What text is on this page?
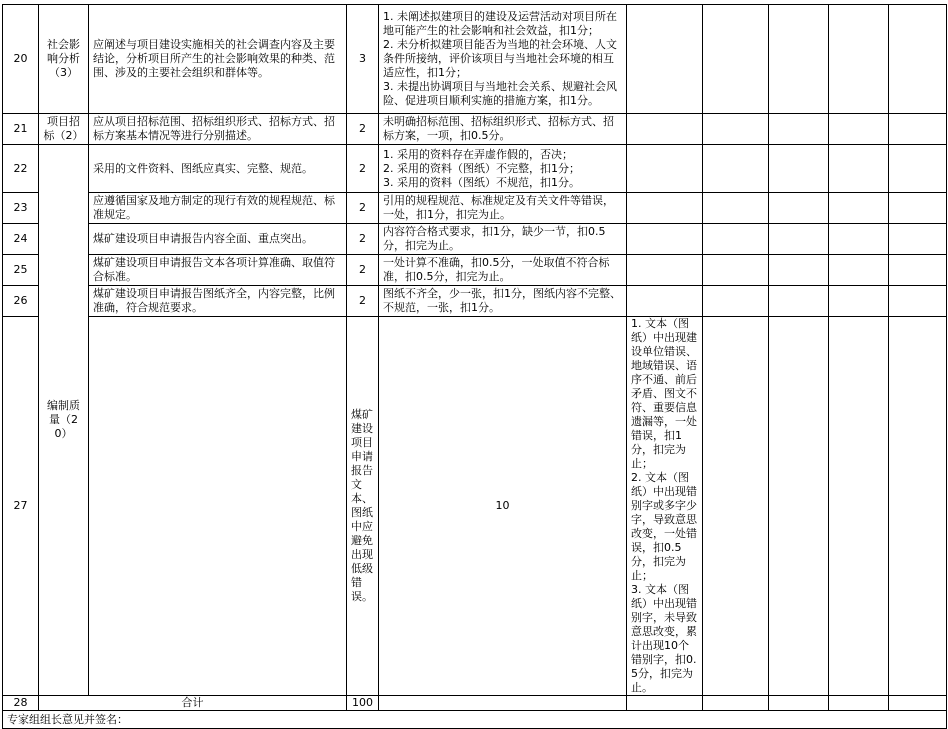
20	社会影响分析（3）	应阐述与项目建设实施相关的社会调查内容及主要结论，分析项目所产生的社会影响效果的种类、范围、涉及的主要社会组织和群体等。	3	1. 未阐述拟建项目的建设及运营活动对项目所在地可能产生的社会影响和社会效益，扣1分；
2. 未分析拟建项目能否为当地的社会环境、人文条件所接纳，评价该项目与当地社会环境的相互适应性，扣1分；
3. 未提出协调项目与当地社会关系、规避社会风险、促进项目顺利实施的措施方案，扣1分。						

21	项目招标（2）	应从项目招标范围、招标组织形式、招标方式、招标方案基本情况等进行分别描述。	2	未明确招标范围、招标组织形式、招标方式、招标方案，一项，扣0.5分。						

22	编制质量（20）	采用的文件资料、图纸应真实、完整、规范。	2	1. 采用的资料存在弄虚作假的，否决；
2. 采用的资料（图纸）不完整，扣1分；
3. 采用的资料（图纸）不规范，扣1分。						

23		应遵循国家及地方制定的现行有效的规程规范、标准规定。	2	引用的规程规范、标准规定及有关文件等错误，一处，扣1分，扣完为止。						

24		煤矿建设项目申请报告内容全面、重点突出。	2	内容符合格式要求，扣1分，缺少一节，扣0.5分，扣完为止。						

25		煤矿建设项目申请报告文本各项计算准确、取值符合标准。	2	一处计算不准确，扣0.5分，一处取值不符合标准，扣0.5分，扣完为止。						

26		煤矿建设项目申请报告图纸齐全，内容完整，比例准确，符合规范要求。	2	图纸不齐全，少一张，扣1分，图纸内容不完整、不规范，一张，扣1分。						

27			煤矿建设项目申请报告文本、图纸中应避免出现低级错误。	10	1. 文本（图纸）中出现建设单位错误、地域错误、语序不通、前后矛盾、图文不符、重要信息遗漏等，一处错误，扣1分，扣完为止；
2. 文本（图纸）中出现错别字或多字少字，导致意思改变，一处错误，扣0.5分，扣完为止；
3. 文本（图纸）中出现错别字，未导致意思改变，累计出现10个错别字，扣0.5分，扣完为止。					

28	合计		100							
专家组组长意见并签名：										
